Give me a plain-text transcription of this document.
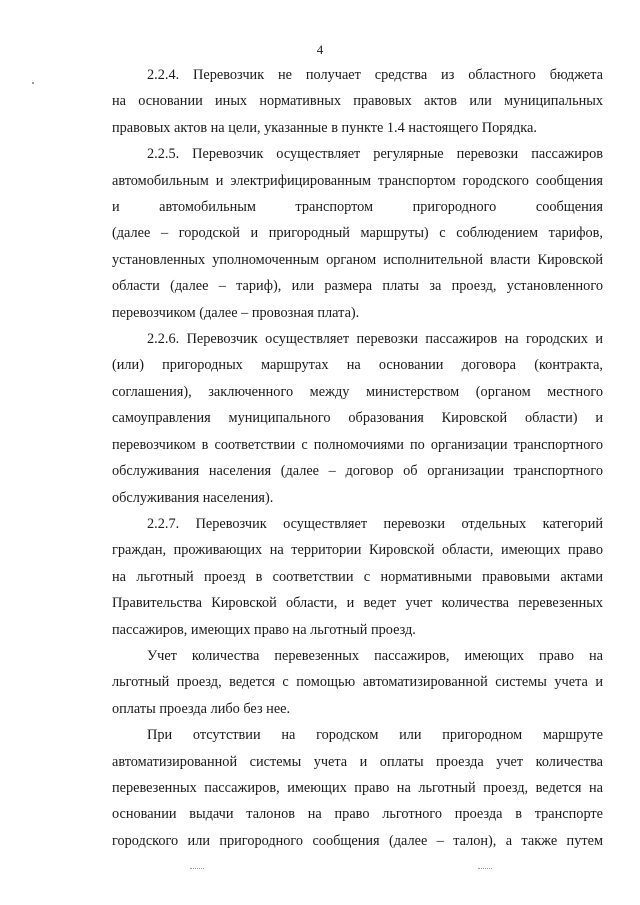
4

2.2.4. Перевозчик не получает средства из областного бюджета
на основании иных нормативных правовых актов или муниципальных
правовых актов на цели, указанные в пункте 1.4 настоящего Порядка.

2.2.5. Перевозчик осуществляет регулярные перевозки пассажиров
автомобильным и электрифицированным транспортом городского сообщения
и автомобильным транспортом пригородного сообщения
(далее – городской и пригородный маршруты) с соблюдением тарифов,
установленных уполномоченным органом исполнительной власти Кировской
области (далее – тариф), или размера платы за проезд, установленного
перевозчиком (далее – провозная плата).

2.2.6. Перевозчик осуществляет перевозки пассажиров на городских и
(или) пригородных маршрутах на основании договора (контракта,
соглашения), заключенного между министерством (органом местного
самоуправления муниципального образования Кировской области) и
перевозчиком в соответствии с полномочиями по организации транспортного
обслуживания населения (далее – договор об организации транспортного
обслуживания населения).

2.2.7. Перевозчик осуществляет перевозки отдельных категорий
граждан, проживающих на территории Кировской области, имеющих право
на льготный проезд в соответствии с нормативными правовыми актами
Правительства Кировской области, и ведет учет количества перевезенных
пассажиров, имеющих право на льготный проезд.

Учет количества перевезенных пассажиров, имеющих право на
льготный проезд, ведется с помощью автоматизированной системы учета и
оплаты проезда либо без нее.

При отсутствии на городском или пригородном маршруте
автоматизированной системы учета и оплаты проезда учет количества
перевезенных пассажиров, имеющих право на льготный проезд, ведется на
основании выдачи талонов на право льготного проезда в транспорте
городского или пригородного сообщения (далее – талон), а также путем
